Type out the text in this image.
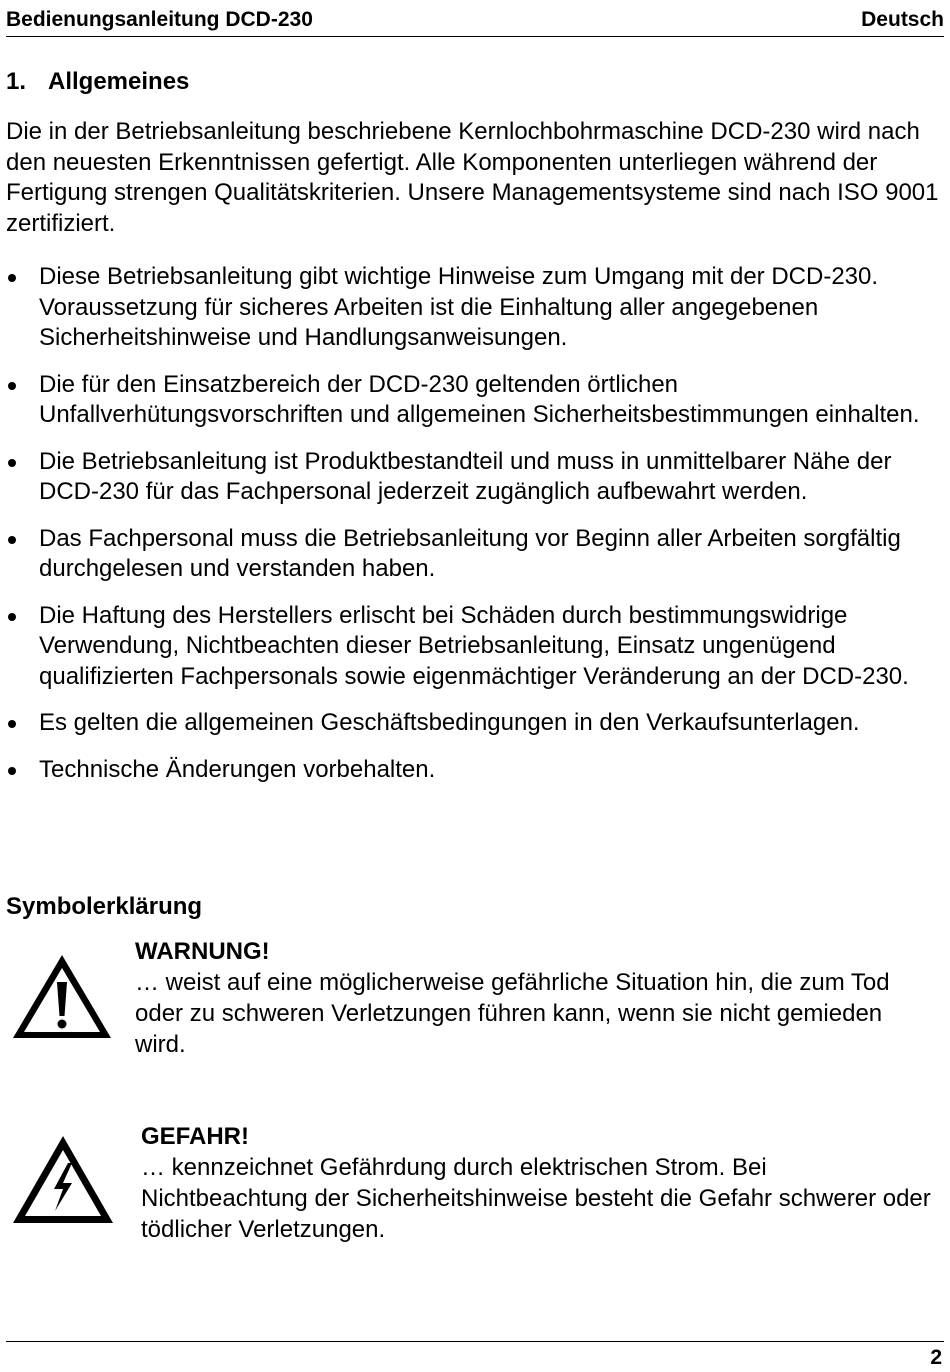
Bedienungsanleitung DCD-230	Deutsch
1. Allgemeines
Die in der Betriebsanleitung beschriebene Kernlochbohrmaschine DCD-230 wird nach den neuesten Erkenntnissen gefertigt. Alle Komponenten unterliegen während der Fertigung strengen Qualitätskriterien. Unsere Managementsysteme sind nach ISO 9001 zertifiziert.
Diese Betriebsanleitung gibt wichtige Hinweise zum Umgang mit der DCD-230. Voraussetzung für sicheres Arbeiten ist die Einhaltung aller angegebenen Sicherheitshinweise und Handlungsanweisungen.
Die für den Einsatzbereich der DCD-230 geltenden örtlichen Unfallverhütungsvorschriften und allgemeinen Sicherheitsbestimmungen einhalten.
Die Betriebsanleitung ist Produktbestandteil und muss in unmittelbarer Nähe der DCD-230 für das Fachpersonal jederzeit zugänglich aufbewahrt werden.
Das Fachpersonal muss die Betriebsanleitung vor Beginn aller Arbeiten sorgfältig durchgelesen und verstanden haben.
Die Haftung des Herstellers erlischt bei Schäden durch bestimmungswidrige Verwendung, Nichtbeachten dieser Betriebsanleitung, Einsatz ungenügend qualifizierten Fachpersonals sowie eigenmächtiger Veränderung an der DCD-230.
Es gelten die allgemeinen Geschäftsbedingungen in den Verkaufsunterlagen.
Technische Änderungen vorbehalten.
Symbolerklärung
WARNUNG!
… weist auf eine möglicherweise gefährliche Situation hin, die zum Tod oder zu schweren Verletzungen führen kann, wenn sie nicht gemieden wird.
GEFAHR!
… kennzeichnet Gefährdung durch elektrischen Strom. Bei Nichtbeachtung der Sicherheitshinweise besteht die Gefahr schwerer oder tödlicher Verletzungen.
2
